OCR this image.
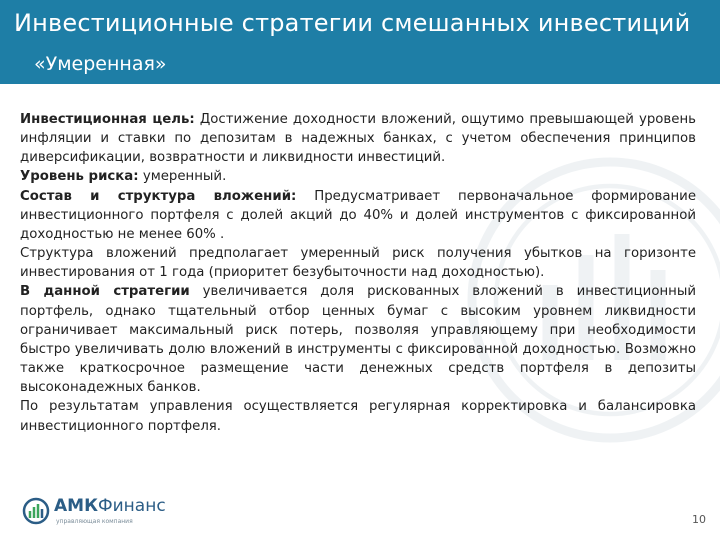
Инвестиционные стратегии смешанных инвестиций
«Умеренная»

Инвестиционная цель: Достижение доходности вложений, ощутимо превышающей уровень инфляции и ставки по депозитам в надежных банках, с учетом обеспечения принципов диверсификации, возвратности и ликвидности инвестиций.

Уровень риска: умеренный.

Состав и структура вложений: Предусматривает первоначальное формирование инвестиционного портфеля с долей акций до 40% и долей инструментов с фиксированной доходностью не менее 60% .

Структура вложений предполагает умеренный риск получения убытков на горизонте инвестирования от 1 года (приоритет безубыточности над доходностью).

В данной стратегии увеличивается доля рискованных вложений в инвестиционный портфель, однако тщательный отбор ценных бумаг с высоким уровнем ликвидности ограничивает максимальный риск потерь, позволяя управляющему при необходимости быстро увеличивать долю вложений в инструменты с фиксированной доходностью. Возможно также краткосрочное размещение части денежных средств портфеля в депозиты высоконадежных банков.

По результатам управления осуществляется регулярная корректировка и балансировка инвестиционного портфеля.

АМКФинанс
управляющая компания	10
